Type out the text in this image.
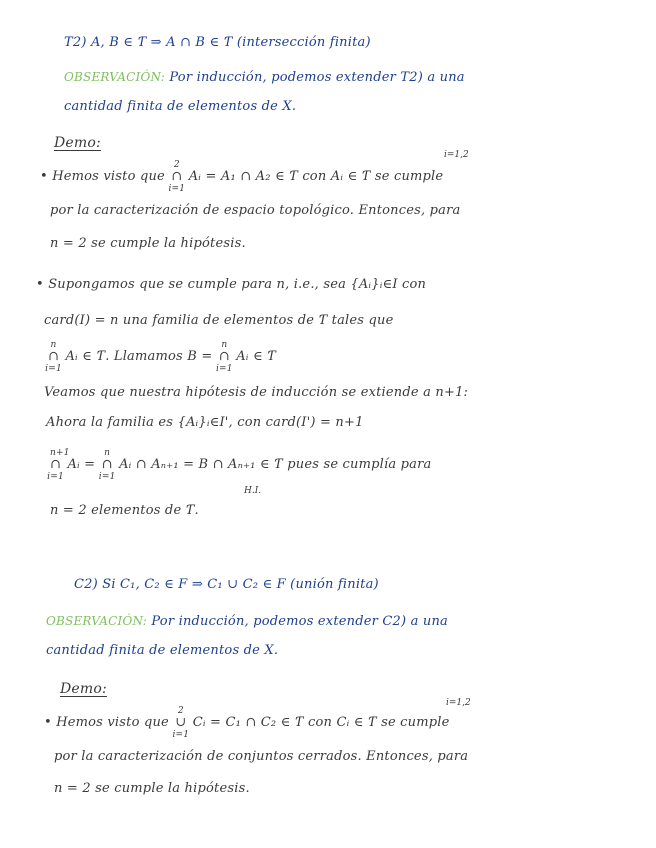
T2) A, B ∈ Ƭ ⇒ A ∩ B ∈ Ƭ (intersección finita)
OBSERVACIÓN: Por inducción, podemos extender T2) a una
cantidad finita de elementos de X.
Demo:
i=1,2
• Hemos visto que
2
∩
i=1
Aᵢ = A₁ ∩ A₂ ∈ Ƭ con Aᵢ ∈ Ƭ se cumple
por la caracterización de espacio topológico. Entonces, para
n = 2 se cumple la hipótesis.
• Supongamos que se cumple para n, i.e., sea {Aᵢ}ᵢ∈I con
card(I) = n una familia de elementos de Ƭ tales que
n
∩
i=1
Aᵢ ∈ Ƭ. Llamamos B =
n
∩
i=1
Aᵢ ∈ Ƭ
Veamos que nuestra hipótesis de inducción se extiende a n+1:
Ahora la familia es {Aᵢ}ᵢ∈I', con card(I') = n+1
n+1
∩
i=1
Aᵢ =
n
∩
i=1
Aᵢ ∩ Aₙ₊₁ = B ∩ Aₙ₊₁ ∈ Ƭ pues se cumplía para
H.I.
n = 2 elementos de Ƭ.
C2) Si C₁, C₂ ∈ F ⇒ C₁ ∪ C₂ ∈ F (unión finita)
OBSERVACIÓN: Por inducción, podemos extender C2) a una
cantidad finita de elementos de X.
Demo:
i=1,2
• Hemos visto que
2
∪
i=1
Cᵢ = C₁ ∩ C₂ ∈ Ƭ con Cᵢ ∈ Ƭ se cumple
por la caracterización de conjuntos cerrados. Entonces, para
n = 2 se cumple la hipótesis.
